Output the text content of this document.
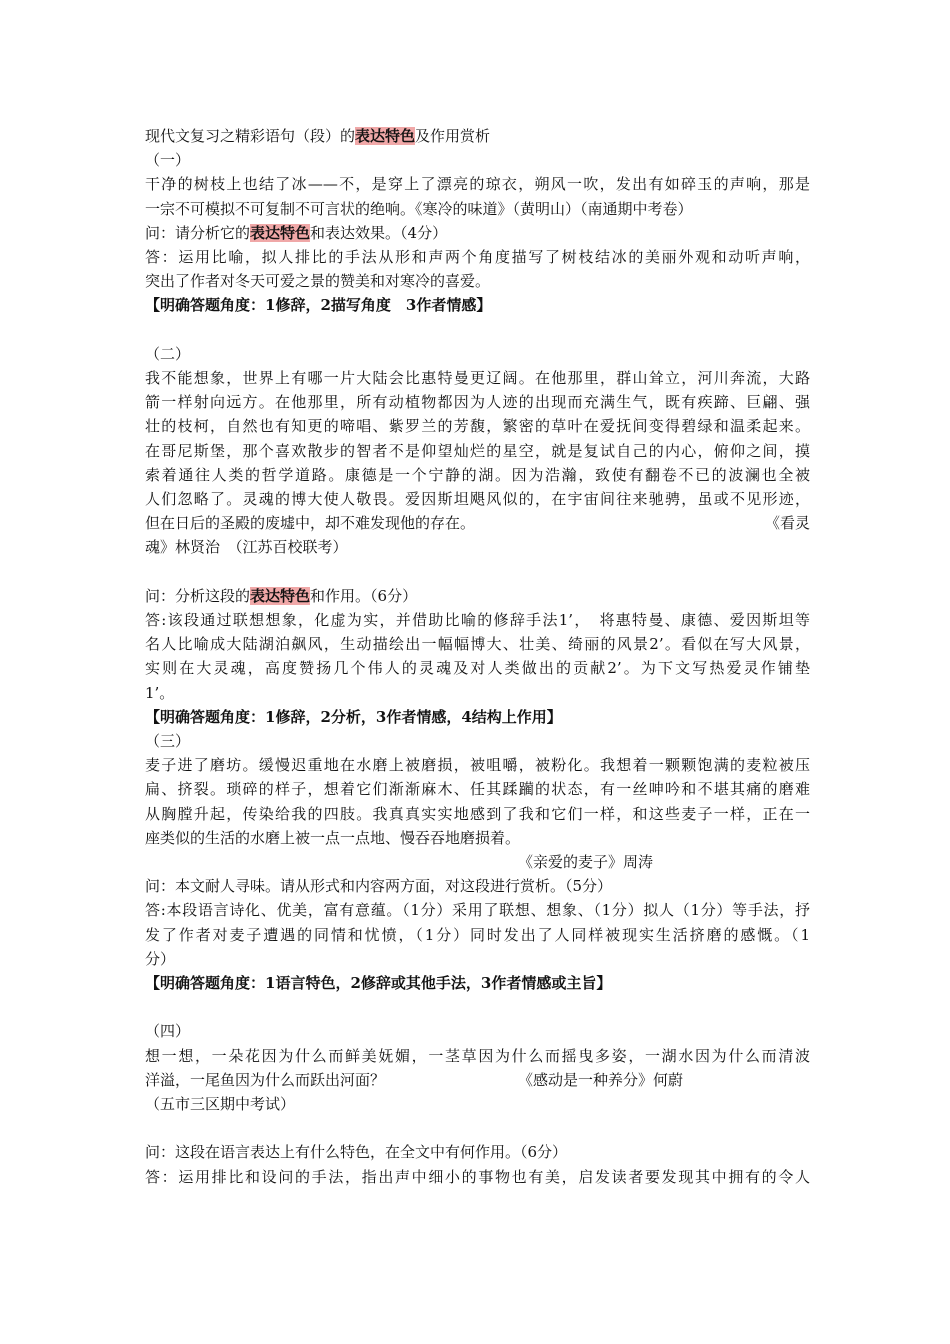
现代文复习之精彩语句（段）的表达特色及作用赏析
（一）
干净的树枝上也结了冰——不，是穿上了漂亮的琼衣，朔风一吹，发出有如碎玉的声响，那是
一宗不可模拟不可复制不可言状的绝响。《寒冷的味道》（黄明山）（南通期中考卷）
问：请分析它的表达特色和表达效果。（4分）
答：运用比喻，拟人排比的手法从形和声两个角度描写了树枝结冰的美丽外观和动听声响，
突出了作者对冬天可爱之景的赞美和对寒冷的喜爱。
【明确答题角度：1修辞，2描写角度　3作者情感】
（二）
我不能想象，世界上有哪一片大陆会比惠特曼更辽阔。在他那里，群山耸立，河川奔流，大路
箭一样射向远方。在他那里，所有动植物都因为人迹的出现而充满生气，既有疾蹄、巨翩、强
壮的枝柯，自然也有知更的啼唱、紫罗兰的芳馥，繁密的草叶在爱抚间变得碧绿和温柔起来。
在哥尼斯堡，那个喜欢散步的智者不是仰望灿烂的星空，就是复试自己的内心，俯仰之间，摸
索着通往人类的哲学道路。康德是一个宁静的湖。因为浩瀚，致使有翻卷不已的波澜也全被
人们忽略了。灵魂的博大使人敬畏。爱因斯坦飓风似的，在宇宙间往来驰骋，虽或不见形迹，
但在日后的圣殿的废墟中，却不难发现他的存在。	《看灵
魂》林贤治　（江苏百校联考）
问：分析这段的表达特色和作用。（6分）
答:该段通过联想想象，化虚为实，并借助比喻的修辞手法1’，　将惠特曼、康德、爱因斯坦等
名人比喻成大陆湖泊飙风，生动描绘出一幅幅博大、壮美、绮丽的风景2’。看似在写大风景，
实则在大灵魂，高度赞扬几个伟人的灵魂及对人类做出的贡献2’。为下文写热爱灵作铺垫
1’。
【明确答题角度：1修辞，2分析，3作者情感，4结构上作用】
（三）
麦子进了磨坊。缓慢迟重地在水磨上被磨损，被咀嚼，被粉化。我想着一颗颗饱满的麦粒被压
扁、挤裂。琐碎的样子，想着它们渐渐麻木、任其蹂躏的状态，有一丝呻吟和不堪其痛的磨难
从胸膛升起，传染给我的四肢。我真真实实地感到了我和它们一样，和这些麦子一样，正在一
座类似的生活的水磨上被一点一点地、慢吞吞地磨损着。
《亲爱的麦子》周涛
问：本文耐人寻味。请从形式和内容两方面，对这段进行赏析。（5分）
答:本段语言诗化、优美，富有意蕴。（1分）采用了联想、想象、（1分）拟人（1分）等手法，抒
发了作者对麦子遭遇的同情和忧愤，（1分）同时发出了人同样被现实生活挤磨的感慨。（1
分）
【明确答题角度：1语言特色，2修辞或其他手法，3作者情感或主旨】
（四）
想一想，一朵花因为什么而鲜美妩媚，一茎草因为什么而摇曳多姿，一湖水因为什么而清波
洋溢，一尾鱼因为什么而跃出河面？	《感动是一种养分》何蔚
（五市三区期中考试）
问：这段在语言表达上有什么特色，在全文中有何作用。（6分）
答：运用排比和设问的手法，指出声中细小的事物也有美，启发读者要发现其中拥有的令人
